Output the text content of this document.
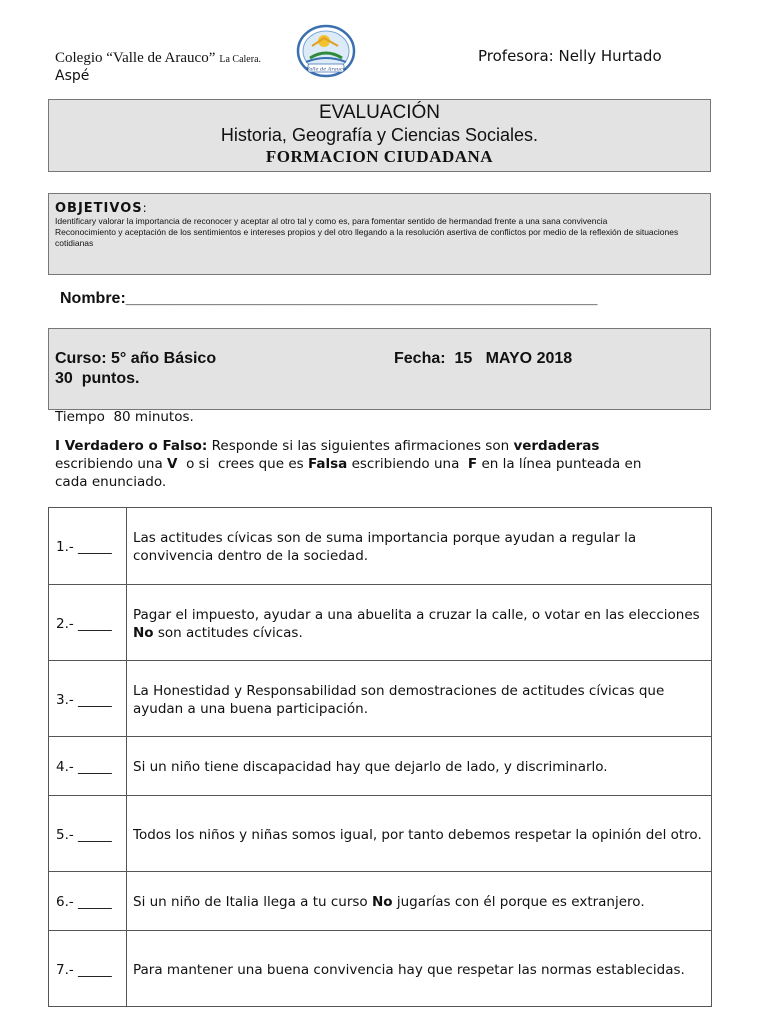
Colegio “Valle de Arauco” La Calera.
Aspé
Profesora: Nelly Hurtado
Valle de Arauco
EVALUACIÓN
Historia, Geografía y Ciencias Sociales.
FORMACION CIUDADANA
OBJETIVOS:
Identificary valorar la importancia de reconocer y aceptar al otro tal y como es, para fomentar sentido de hermandad frente a una sana convivencia
Reconocimiento y aceptación de los sentimientos e intereses propios y del otro llegando a la resolución asertiva de conflictos por medio de la reflexión de situaciones cotidianas
Nombre:_____________________________________________________
Curso: 5° año Básico	Fecha:  15   MAYO 2018
30  puntos.
Tiempo  80 minutos.
I Verdadero o Falso: Responde si las siguientes afirmaciones son verdaderas
escribiendo una V  o si  crees que es Falsa escribiendo una  F en la línea punteada en
cada enunciado.
1.- _____	Las actitudes cívicas son de suma importancia porque ayudan a regular la convivencia dentro de la sociedad.
2.- _____	Pagar el impuesto, ayudar a una abuelita a cruzar la calle, o votar en las elecciones No son actitudes cívicas.
3.- _____	La Honestidad y Responsabilidad son demostraciones de actitudes cívicas que ayudan a una buena participación.
4.- _____	Si un niño tiene discapacidad hay que dejarlo de lado, y discriminarlo.
5.- _____	Todos los niños y niñas somos igual, por tanto debemos respetar la opinión del otro.
6.- _____	Si un niño de Italia llega a tu curso No jugarías con él porque es extranjero.
7.- _____	Para mantener una buena convivencia hay que respetar las normas establecidas.
